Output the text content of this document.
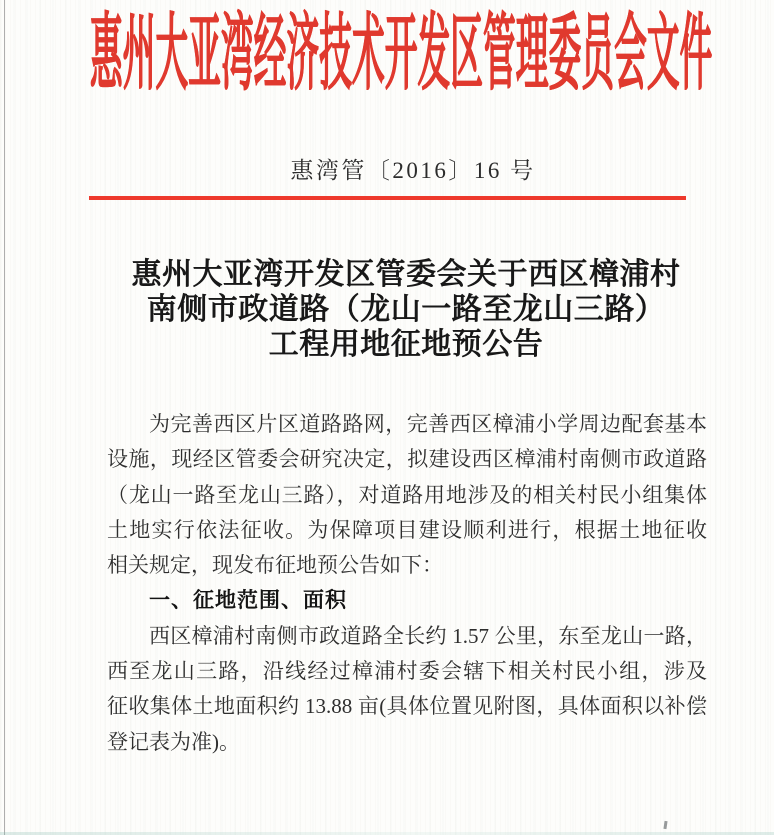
惠州大亚湾经济技术开发区管理委员会文件
惠湾管〔2016〕16 号
惠州大亚湾开发区管委会关于西区樟浦村
南侧市政道路（龙山一路至龙山三路）
工程用地征地预公告
为完善西区片区道路路网，完善西区樟浦小学周边配套基本
设施，现经区管委会研究决定，拟建设西区樟浦村南侧市政道路
（龙山一路至龙山三路），对道路用地涉及的相关村民小组集体
土地实行依法征收。为保障项目建设顺利进行，根据土地征收
相关规定，现发布征地预公告如下：
一、征地范围、面积
西区樟浦村南侧市政道路全长约 1.57 公里，东至龙山一路，
西至龙山三路，沿线经过樟浦村委会辖下相关村民小组，涉及
征收集体土地面积约 13.88 亩(具体位置见附图，具体面积以补偿
登记表为准)。
